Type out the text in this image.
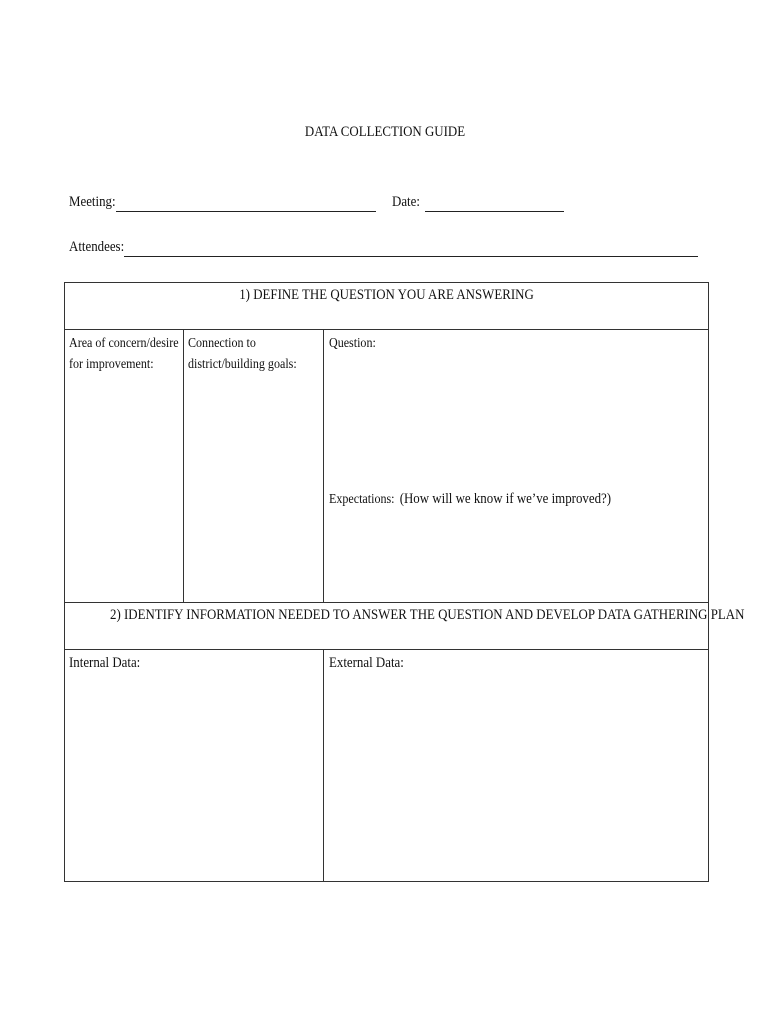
DATA COLLECTION GUIDE
Meeting:	Date:
Attendees:
1) DEFINE THE QUESTION YOU ARE ANSWERING
Area of concern/desire
for improvement:
Connection to
district/building goals:
Question:

Expectations: (How will we know if we’ve improved?)

2) IDENTIFY INFORMATION NEEDED TO ANSWER THE QUESTION AND DEVELOP DATA GATHERING PLAN
Internal Data:	External Data:
